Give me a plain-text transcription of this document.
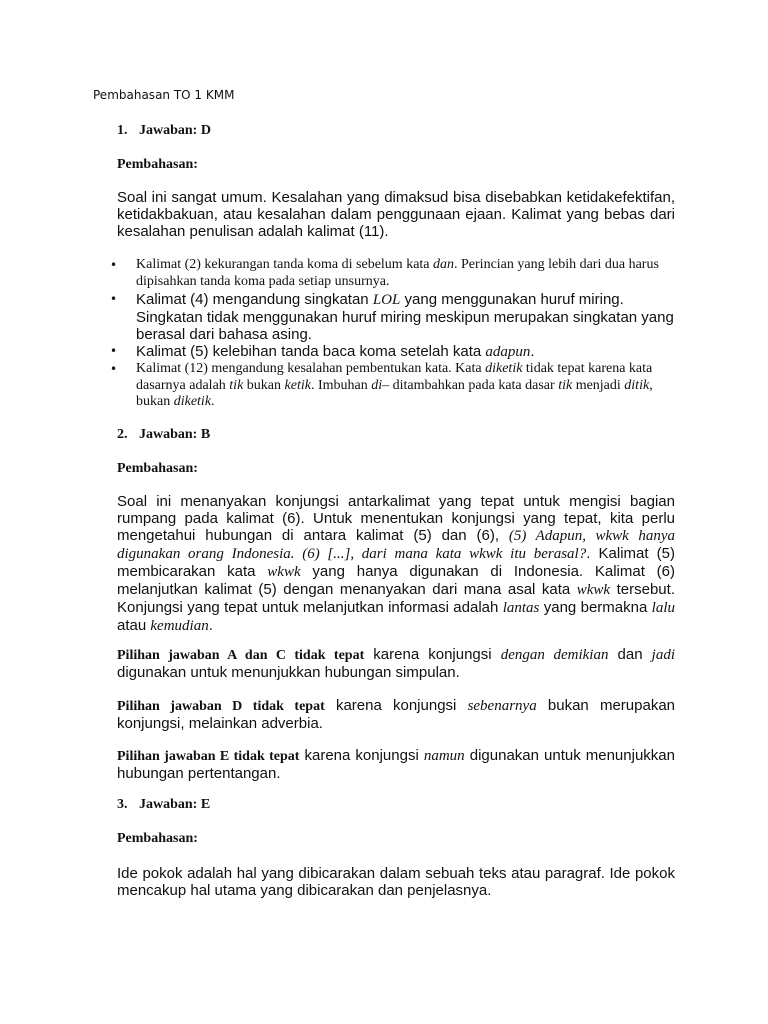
Pembahasan TO 1 KMM
1. Jawaban: D
Pembahasan:

Soal ini sangat umum. Kesalahan yang dimaksud bisa disebabkan ketidakefektifan, ketidakbakuan, atau kesalahan dalam penggunaan ejaan. Kalimat yang bebas dari kesalahan penulisan adalah kalimat (11).

• Kalimat (2) kekurangan tanda koma di sebelum kata dan. Perincian yang lebih dari dua harus dipisahkan tanda koma pada setiap unsurnya.
• Kalimat (4) mengandung singkatan LOL yang menggunakan huruf miring. Singkatan tidak menggunakan huruf miring meskipun merupakan singkatan yang berasal dari bahasa asing.
• Kalimat (5) kelebihan tanda baca koma setelah kata adapun.
• Kalimat (12) mengandung kesalahan pembentukan kata. Kata diketik tidak tepat karena kata dasarnya adalah tik bukan ketik. Imbuhan di– ditambahkan pada kata dasar tik menjadi ditik, bukan diketik.
2. Jawaban: B
Pembahasan:

Soal ini menanyakan konjungsi antarkalimat yang tepat untuk mengisi bagian rumpang pada kalimat (6). Untuk menentukan konjungsi yang tepat, kita perlu mengetahui hubungan di antara kalimat (5) dan (6), (5) Adapun, wkwk hanya digunakan orang Indonesia. (6) [...], dari mana kata wkwk itu berasal?. Kalimat (5) membicarakan kata wkwk yang hanya digunakan di Indonesia. Kalimat (6) melanjutkan kalimat (5) dengan menanyakan dari mana asal kata wkwk tersebut. Konjungsi yang tepat untuk melanjutkan informasi adalah lantas yang bermakna lalu atau kemudian.

Pilihan jawaban A dan C tidak tepat karena konjungsi dengan demikian dan jadi digunakan untuk menunjukkan hubungan simpulan.

Pilihan jawaban D tidak tepat karena konjungsi sebenarnya bukan merupakan konjungsi, melainkan adverbia.

Pilihan jawaban E tidak tepat karena konjungsi namun digunakan untuk menunjukkan hubungan pertentangan.

3. Jawaban: E
Pembahasan:

Ide pokok adalah hal yang dibicarakan dalam sebuah teks atau paragraf. Ide pokok mencakup hal utama yang dibicarakan dan penjelasnya.
